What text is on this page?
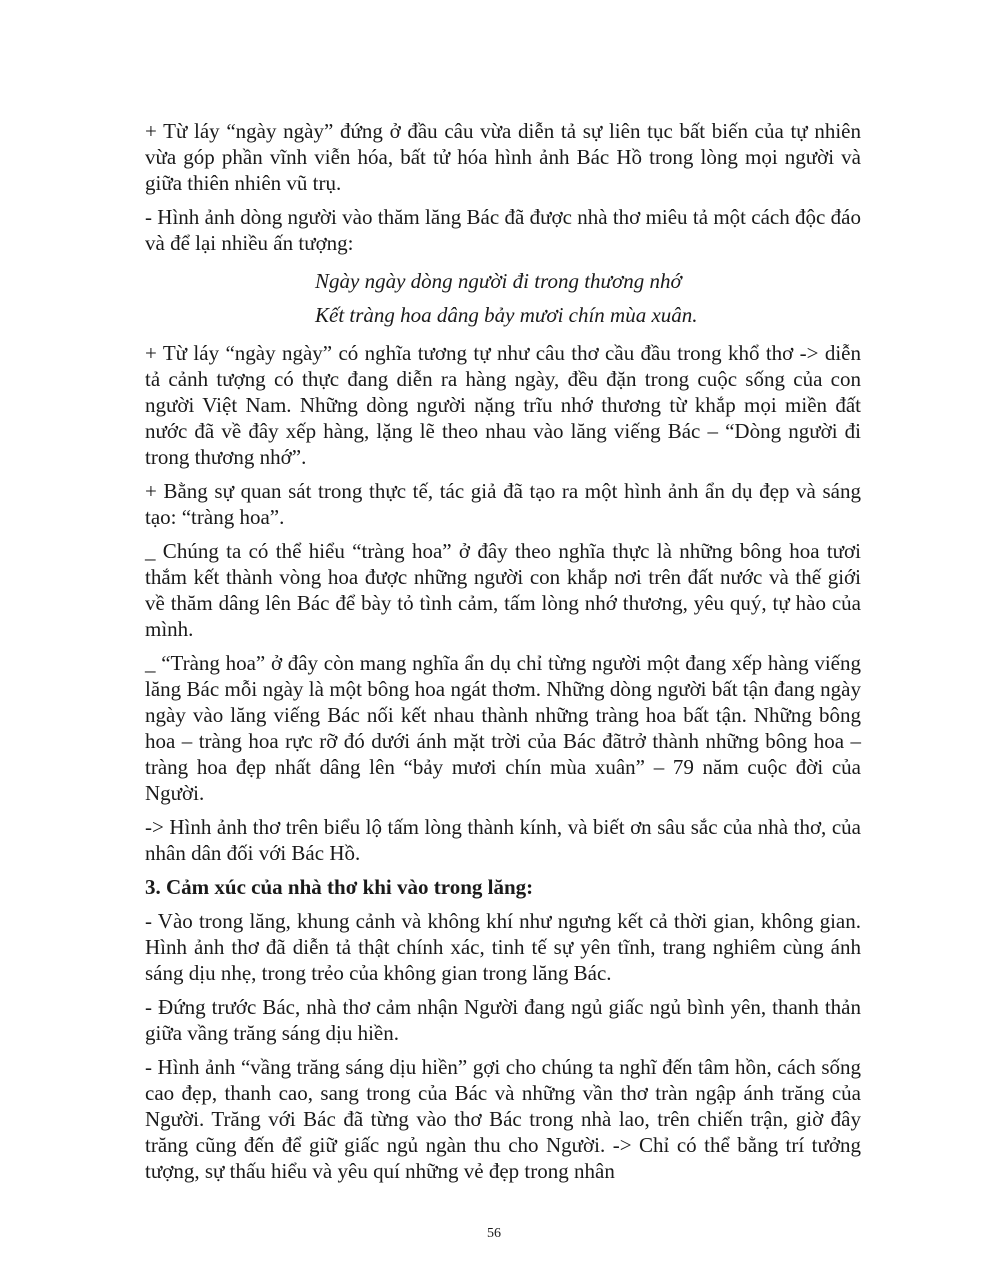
+ Từ láy “ngày ngày” đứng ở đầu câu vừa diễn tả sự liên tục bất biến của tự nhiên vừa góp phần vĩnh viễn hóa, bất tử hóa hình ảnh Bác Hồ trong lòng mọi người và giữa thiên nhiên vũ trụ.

- Hình ảnh dòng người vào thăm lăng Bác đã được nhà thơ miêu tả một cách độc đáo và để lại nhiều ấn tượng:

Ngày ngày dòng người đi trong thương nhớ

Kết tràng hoa dâng bảy mươi chín mùa xuân.

+ Từ láy “ngày ngày” có nghĩa tương tự như câu thơ cầu đầu trong khổ thơ -> diễn tả cảnh tượng có thực đang diễn ra hàng ngày, đều đặn trong cuộc sống của con người Việt Nam. Những dòng người nặng trĩu nhớ thương từ khắp mọi miền đất nước đã về đây xếp hàng, lặng lẽ theo nhau vào lăng viếng Bác – “Dòng người đi trong thương nhớ”.

+ Bằng sự quan sát trong thực tế, tác giả đã tạo ra một hình ảnh ẩn dụ đẹp và sáng tạo: “tràng hoa”.

_ Chúng ta có thể hiểu “tràng hoa” ở đây theo nghĩa thực là những bông hoa tươi thắm kết thành vòng hoa được những người con khắp nơi trên đất nước và thế giới về thăm dâng lên Bác để bày tỏ tình cảm, tấm lòng nhớ thương, yêu quý, tự hào của mình.

_ “Tràng hoa” ở đây còn mang nghĩa ẩn dụ chỉ từng người một đang xếp hàng viếng lăng Bác mỗi ngày là một bông hoa ngát thơm. Những dòng người bất tận đang ngày ngày vào lăng viếng Bác nối kết nhau thành những tràng hoa bất tận. Những bông hoa – tràng hoa rực rỡ đó dưới ánh mặt trời của Bác đãtrở thành những bông hoa – tràng hoa đẹp nhất dâng lên “bảy mươi chín mùa xuân” – 79 năm cuộc đời của Người.

-> Hình ảnh thơ trên biểu lộ tấm lòng thành kính, và biết ơn sâu sắc của nhà thơ, của nhân dân đối với Bác Hồ.

3. Cảm xúc của nhà thơ khi vào trong lăng:

- Vào trong lăng, khung cảnh và không khí như ngưng kết cả thời gian, không gian. Hình ảnh thơ đã diễn tả thật chính xác, tinh tế sự yên tĩnh, trang nghiêm cùng ánh sáng dịu nhẹ, trong trẻo của không gian trong lăng Bác.

- Đứng trước Bác, nhà thơ cảm nhận Người đang ngủ giấc ngủ bình yên, thanh thản giữa vầng trăng sáng dịu hiền.

- Hình ảnh “vầng trăng sáng dịu hiền” gợi cho chúng ta nghĩ đến tâm hồn, cách sống cao đẹp, thanh cao, sang trong của Bác và những vần thơ tràn ngập ánh trăng của Người. Trăng với Bác đã từng vào thơ Bác trong nhà lao, trên chiến trận, giờ đây trăng cũng đến để giữ giấc ngủ ngàn thu cho Người. -> Chỉ có thể bằng trí tưởng tượng, sự thấu hiểu và yêu quí những vẻ đẹp trong nhân

56
